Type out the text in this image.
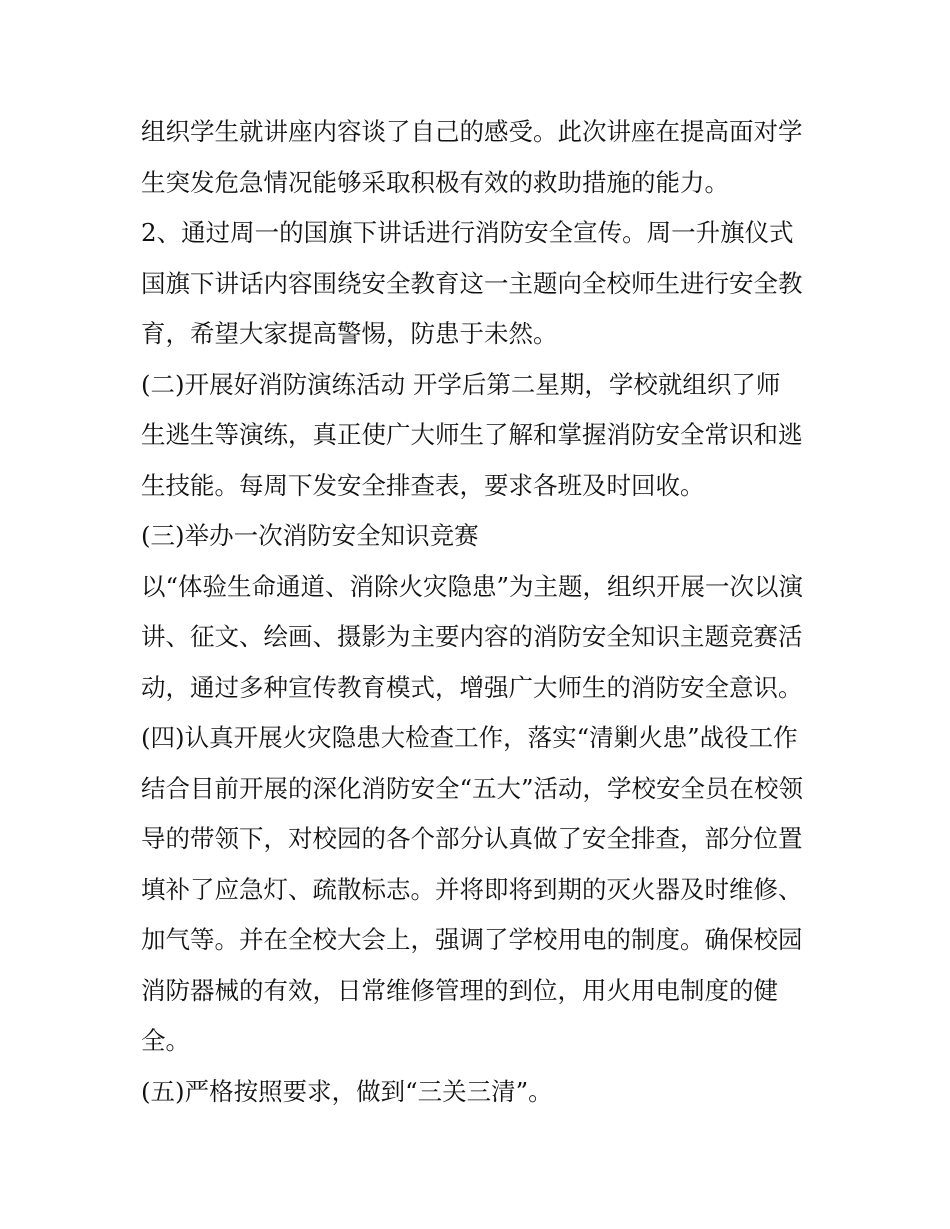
组织学生就讲座内容谈了自己的感受。此次讲座在提高面对学
生突发危急情况能够采取积极有效的救助措施的能力。
2、通过周一的国旗下讲话进行消防安全宣传。周一升旗仪式
国旗下讲话内容围绕安全教育这一主题向全校师生进行安全教
育，希望大家提高警惕，防患于未然。
(二)开展好消防演练活动 开学后第二星期，学校就组织了师
生逃生等演练，真正使广大师生了解和掌握消防安全常识和逃
生技能。每周下发安全排查表，要求各班及时回收。
(三)举办一次消防安全知识竞赛
以“体验生命通道、消除火灾隐患”为主题，组织开展一次以演
讲、征文、绘画、摄影为主要内容的消防安全知识主题竞赛活
动，通过多种宣传教育模式，增强广大师生的消防安全意识。
(四)认真开展火灾隐患大检查工作，落实“清剿火患”战役工作
结合目前开展的深化消防安全“五大”活动，学校安全员在校领
导的带领下，对校园的各个部分认真做了安全排查，部分位置
填补了应急灯、疏散标志。并将即将到期的灭火器及时维修、
加气等。并在全校大会上，强调了学校用电的制度。确保校园
消防器械的有效，日常维修管理的到位，用火用电制度的健
全。
(五)严格按照要求，做到“三关三清”。
